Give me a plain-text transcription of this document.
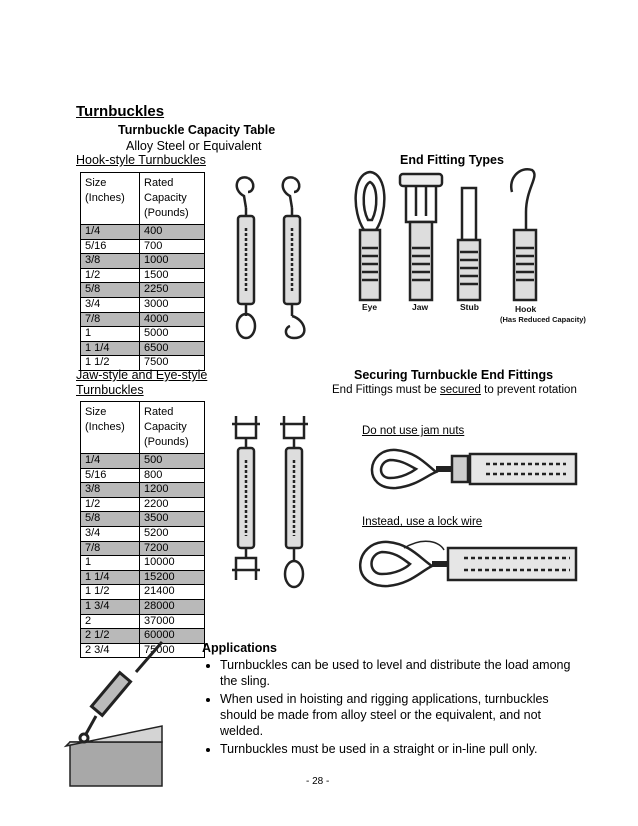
Turnbuckles
Turnbuckle Capacity Table
Alloy Steel or Equivalent
Hook-style Turnbuckles	End Fitting Types
Size
(Inches)	Rated
Capacity
(Pounds)
1/4	400
5/16	700
3/8	1000
1/2	1500
5/8	2250
3/4	3000
7/8	4000
1	5000
1 1/4	6500
1 1/2	7500
Jaw-style and Eye-style
Turnbuckles
Size
(Inches)	Rated
Capacity
(Pounds)
1/4	500
5/16	800
3/8	1200
1/2	2200
5/8	3500
3/4	5200
7/8	7200
1	10000
1 1/4	15200
1 1/2	21400
1 3/4	28000
2	37000
2 1/2	60000
2 3/4	75000
Securing Turnbuckle End Fittings
End Fittings must be secured to prevent rotation
Do not use jam nuts
Instead, use a lock wire
Eye	Jaw	Stub	Hook
(Has Reduced Capacity)
Applications
• Turnbuckles can be used to level and distribute the load among the sling.
• When used in hoisting and rigging applications, turnbuckles should be made from alloy steel or the equivalent, and not welded.
• Turnbuckles must be used in a straight or in-line pull only.
- 28 -
